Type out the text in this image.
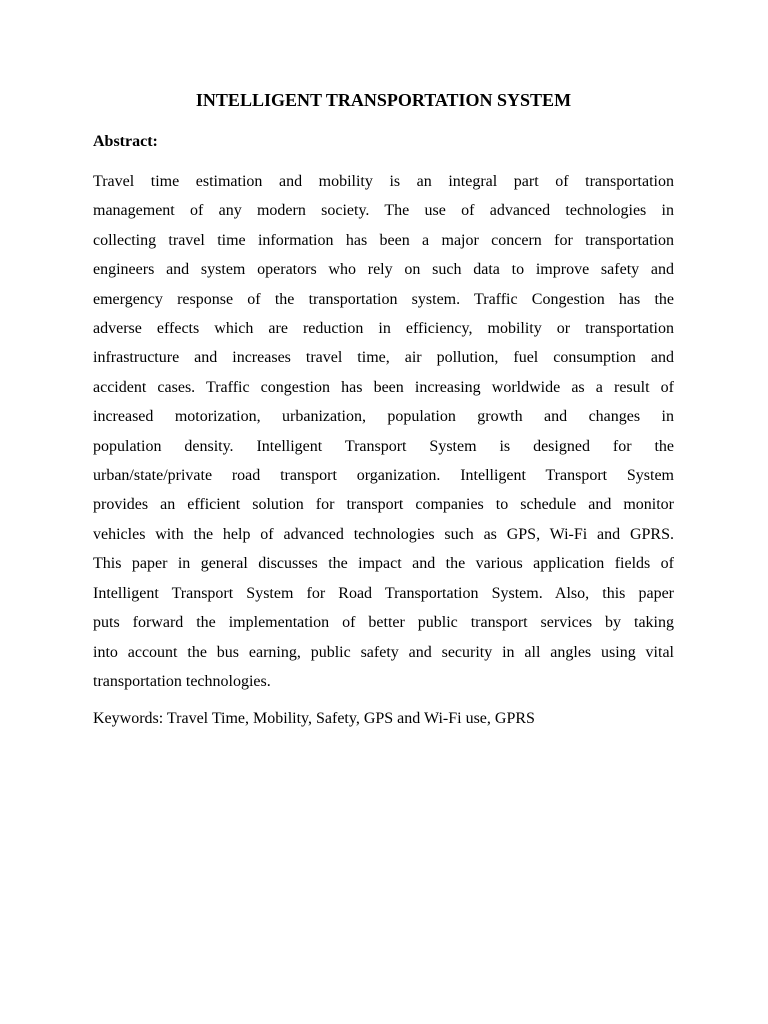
INTELLIGENT TRANSPORTATION SYSTEM
Abstract:
Travel time estimation and mobility is an integral part of transportation
management of any modern society. The use of advanced technologies in
collecting travel time information has been a major concern for transportation
engineers and system operators who rely on such data to improve safety and
emergency response of the transportation system. Traffic Congestion has the
adverse effects which are reduction in efficiency, mobility or transportation
infrastructure and increases travel time, air pollution, fuel consumption and
accident cases. Traffic congestion has been increasing worldwide as a result of
increased motorization, urbanization, population growth and changes in
population density. Intelligent Transport System is designed for the
urban/state/private road transport organization. Intelligent Transport System
provides an efficient solution for transport companies to schedule and monitor
vehicles with the help of advanced technologies such as GPS, Wi-Fi and GPRS.
This paper in general discusses the impact and the various application fields of
Intelligent Transport System for Road Transportation System. Also, this paper
puts forward the implementation of better public transport services by taking
into account the bus earning, public safety and security in all angles using vital
transportation technologies.
Keywords: Travel Time, Mobility, Safety, GPS and Wi-Fi use, GPRS
